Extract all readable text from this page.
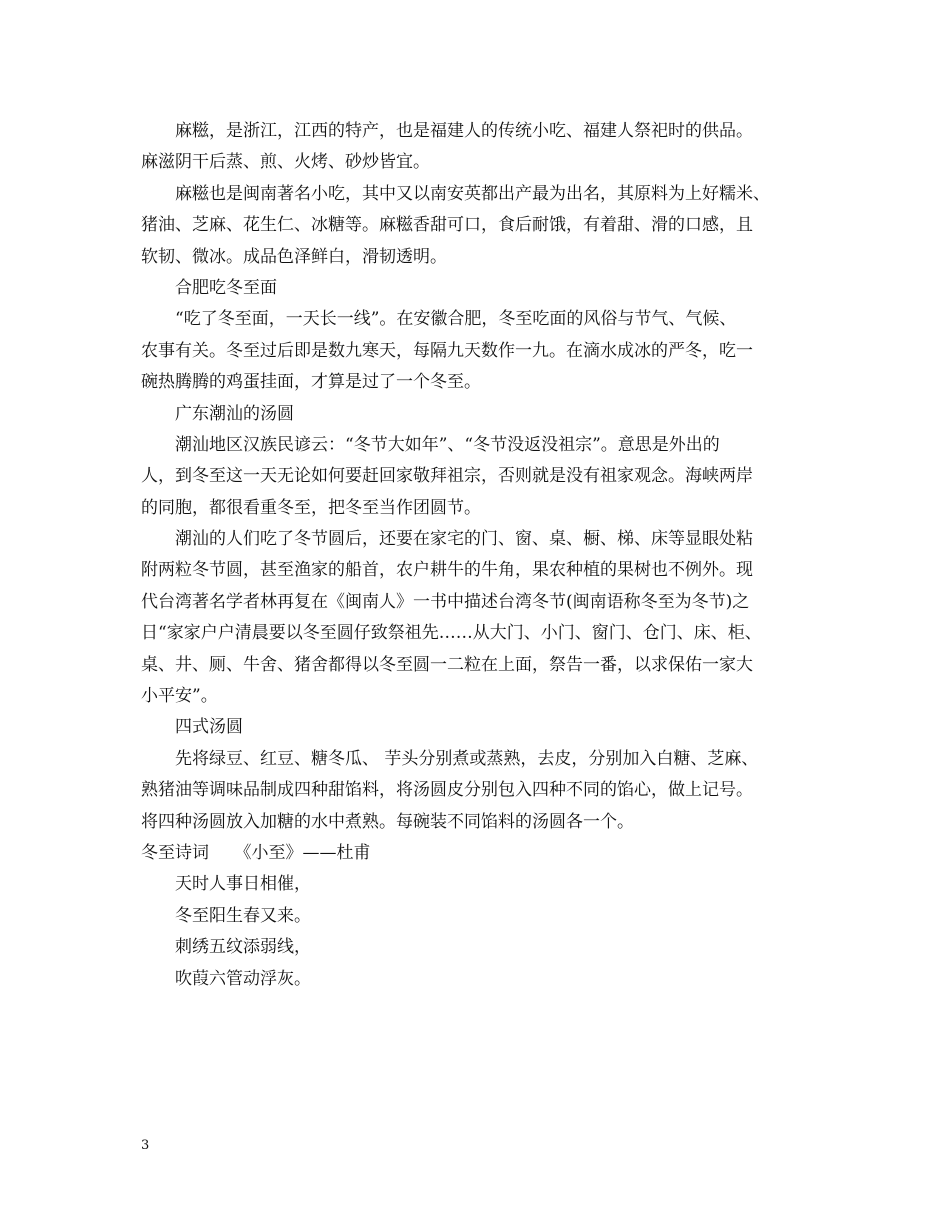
麻糍，是浙江，江西的特产，也是福建人的传统小吃、福建人祭祀时的供品。
麻滋阴干后蒸、煎、火烤、砂炒皆宜。
麻糍也是闽南著名小吃，其中又以南安英都出产最为出名，其原料为上好糯米、
猪油、芝麻、花生仁、冰糖等。麻糍香甜可口，食后耐饿，有着甜、滑的口感，且
软韧、微冰。成品色泽鲜白，滑韧透明。
合肥吃冬至面
“吃了冬至面，一天长一线”。在安徽合肥，冬至吃面的风俗与节气、气候、
农事有关。冬至过后即是数九寒天，每隔九天数作一九。在滴水成冰的严冬，吃一
碗热腾腾的鸡蛋挂面，才算是过了一个冬至。
广东潮汕的汤圆
潮汕地区汉族民谚云：“冬节大如年”、“冬节没返没祖宗”。意思是外出的
人，到冬至这一天无论如何要赶回家敬拜祖宗，否则就是没有祖家观念。海峡两岸
的同胞，都很看重冬至，把冬至当作团圆节。
潮汕的人们吃了冬节圆后，还要在家宅的门、窗、桌、橱、梯、床等显眼处粘
附两粒冬节圆，甚至渔家的船首，农户耕牛的牛角，果农种植的果树也不例外。现
代台湾著名学者林再复在《闽南人》一书中描述台湾冬节(闽南语称冬至为冬节)之
日“家家户户清晨要以冬至圆仔致祭祖先……从大门、小门、窗门、仓门、床、柜、
桌、井、厕、牛舍、猪舍都得以冬至圆一二粒在上面，祭告一番，以求保佑一家大
小平安”。
四式汤圆
先将绿豆、红豆、糖冬瓜、 芋头分别煮或蒸熟，去皮，分别加入白糖、芝麻、
熟猪油等调味品制成四种甜馅料，将汤圆皮分别包入四种不同的馅心，做上记号。
将四种汤圆放入加糖的水中煮熟。每碗装不同馅料的汤圆各一个。
冬至诗词　　《小至》——杜甫
天时人事日相催，
冬至阳生春又来。
刺绣五纹添弱线，
吹葭六管动浮灰。
3
